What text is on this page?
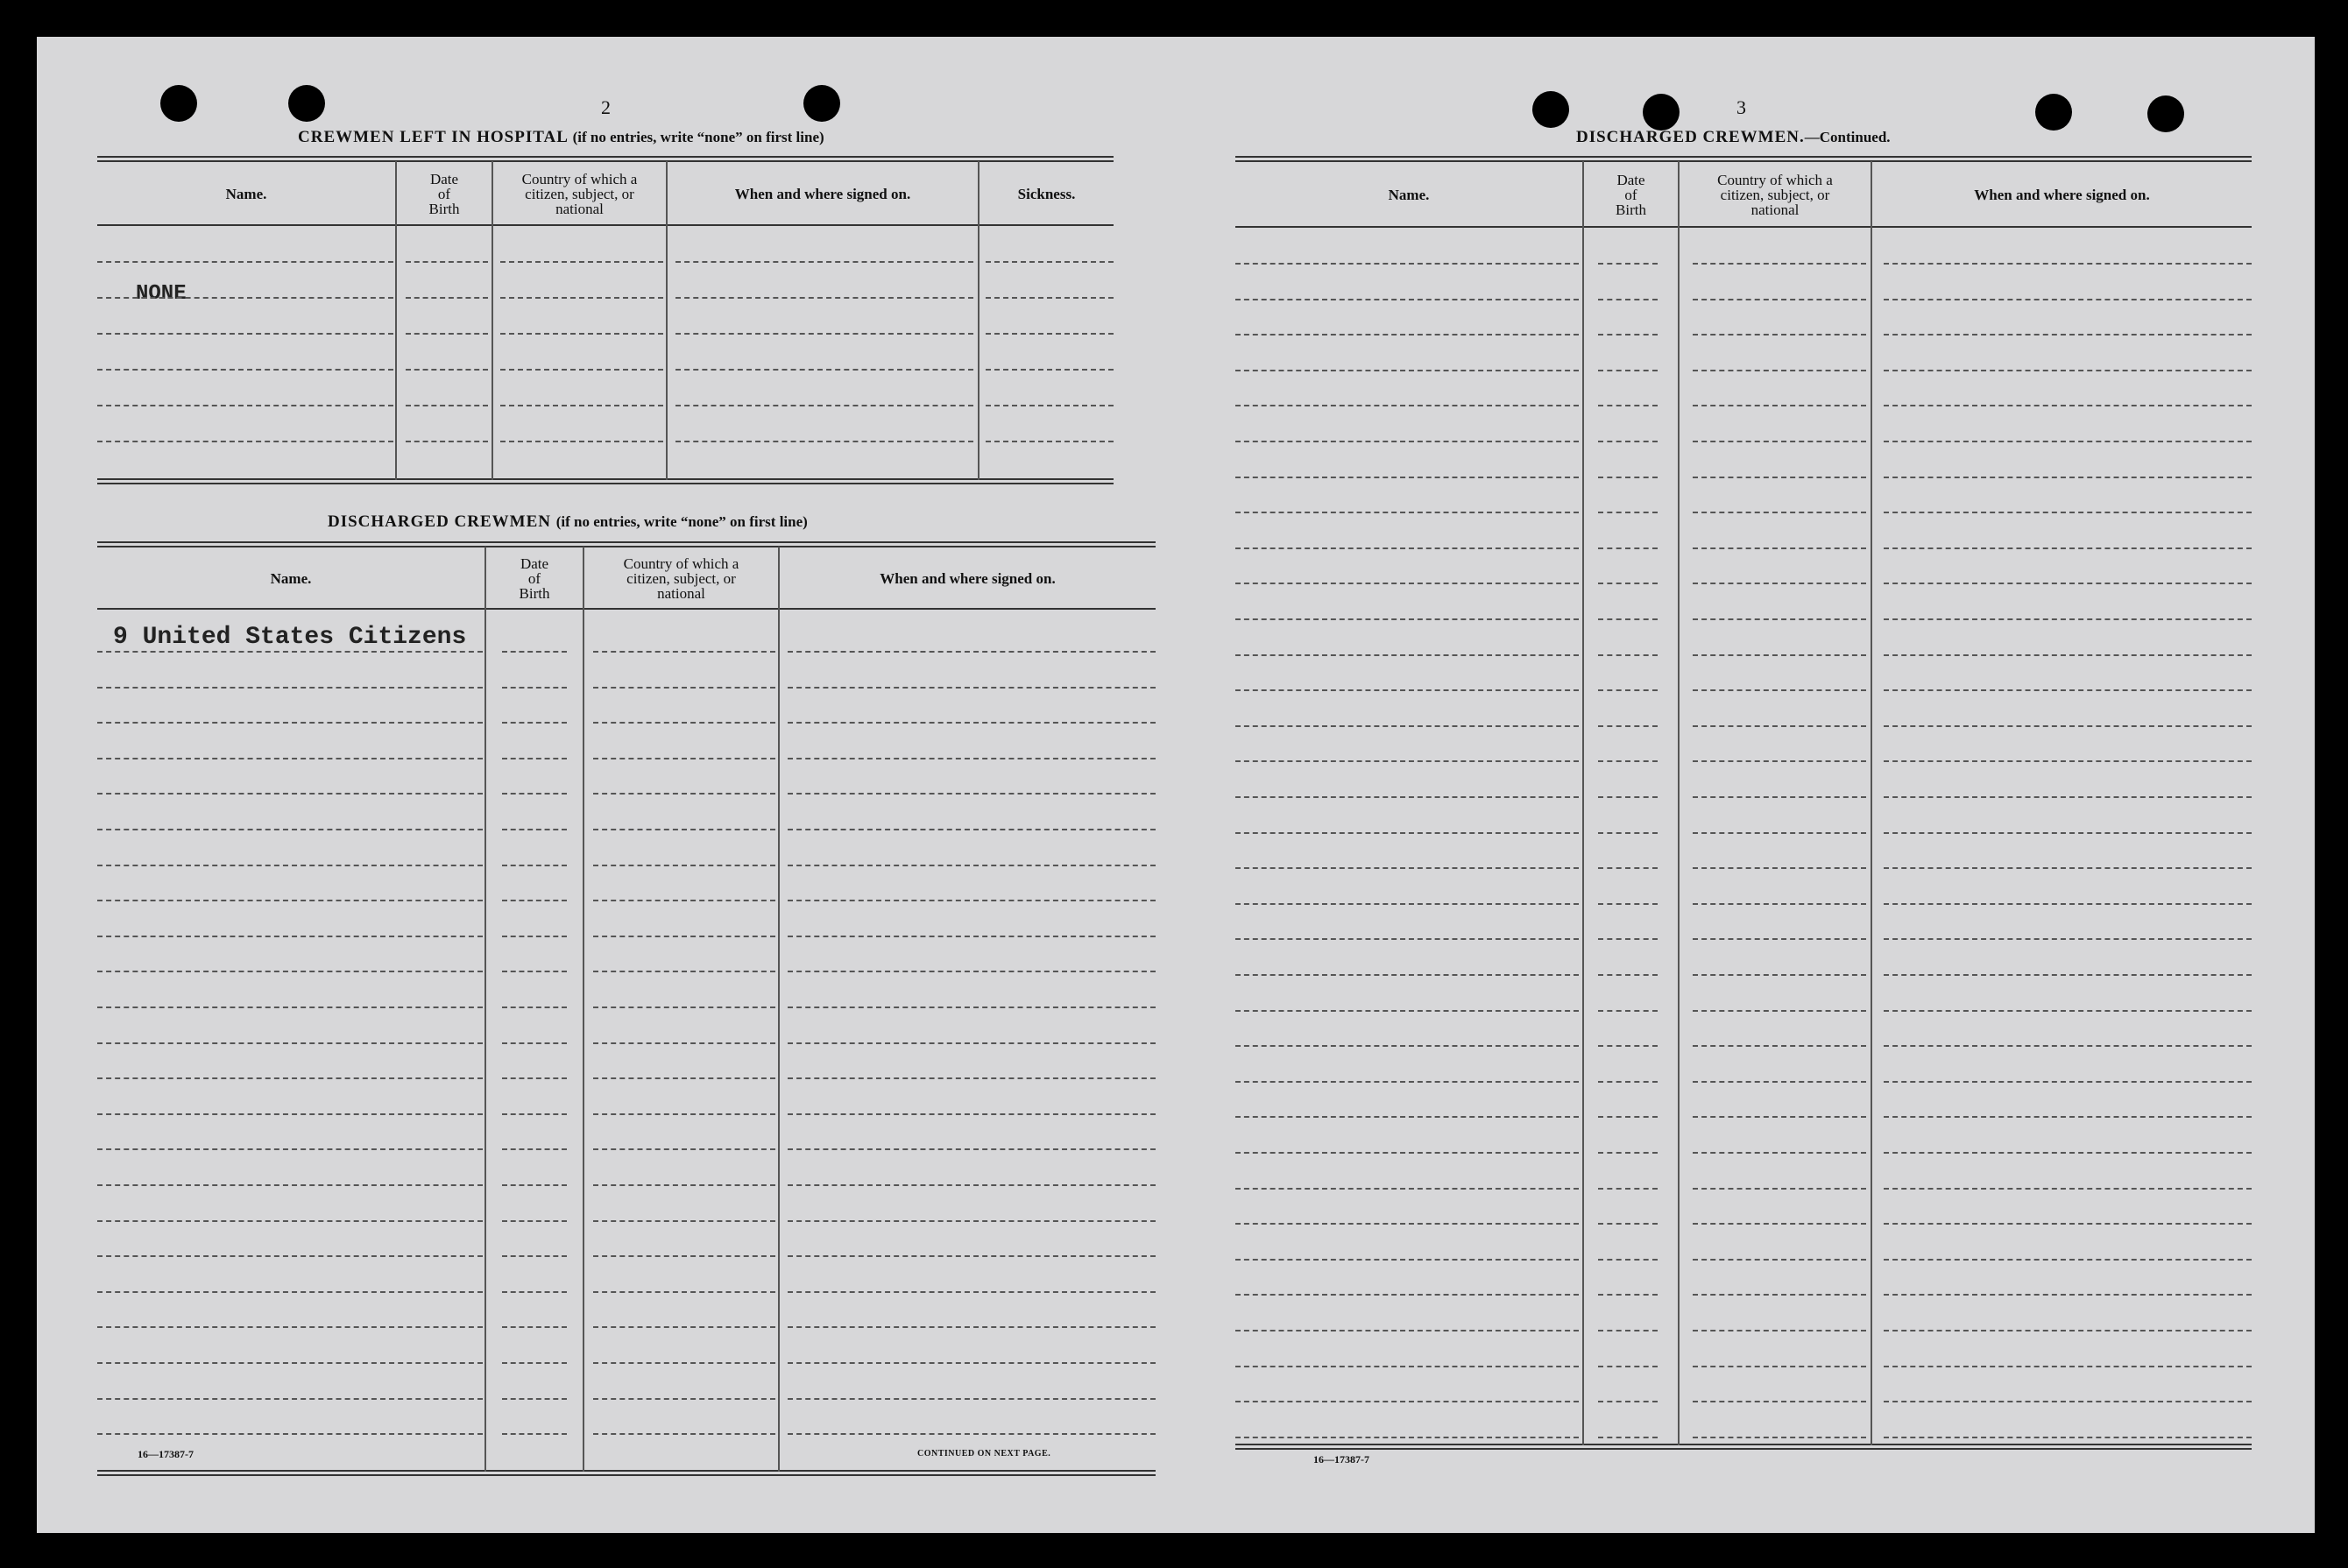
2
CREWMEN LEFT IN HOSPITAL (if no entries, write “none” on first line)
Name.
Date
of
Birth
Country of which a
citizen, subject, or
national
When and where signed on.	Sickness.
NONE
DISCHARGED CREWMEN (if no entries, write “none” on first line)
Name.
Date
of
Birth
Country of which a
citizen, subject, or
national
When and where signed on.
9 United States Citizens
16—17387-7	CONTINUED ON NEXT PAGE.
3
DISCHARGED CREWMEN.—Continued.
Name.
Date
of
Birth
Country of which a
citizen, subject, or
national
When and where signed on.
16—17387-7
